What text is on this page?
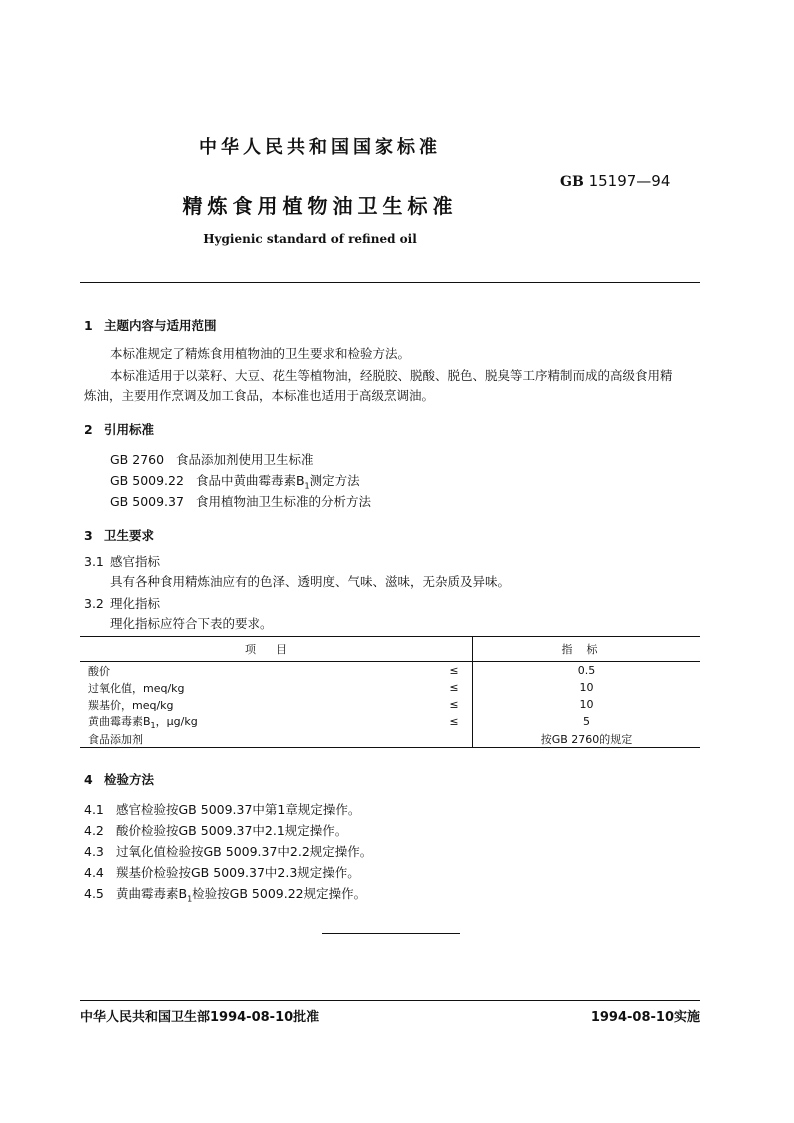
中华人民共和国国家标准
GB 15197—94
精炼食用植物油卫生标准
Hygienic standard of refined oil
1 主题内容与适用范围
本标准规定了精炼食用植物油的卫生要求和检验方法。
本标准适用于以菜籽、大豆、花生等植物油，经脱胶、脱酸、脱色、脱臭等工序精制而成的高级食用精
炼油，主要用作烹调及加工食品，本标准也适用于高级烹调油。
2 引用标准
GB 2760 食品添加剂使用卫生标准
GB 5009.22 食品中黄曲霉毒素$B_1$测定方法
GB 5009.37 食用植物油卫生标准的分析方法
3 卫生要求
3.1 感官指标
具有各种食用精炼油应有的色泽、透明度、气味、滋味，无杂质及异味。
3.2 理化指标
理化指标应符合下表的要求。
项目		指标
酸价	≤	0.5
过氧化值，meq/kg	≤	10
羰基价，meq/kg	≤	10
黄曲霉毒素$B_1$，μg/kg	≤	5
食品添加剂		按GB 2760的规定
4 检验方法
4.1 感官检验按GB 5009.37中第1章规定操作。
4.2 酸价检验按GB 5009.37中2.1规定操作。
4.3 过氧化值检验按GB 5009.37中2.2规定操作。
4.4 羰基价检验按GB 5009.37中2.3规定操作。
4.5 黄曲霉毒素$B_1$检验按GB 5009.22规定操作。
中华人民共和国卫生部1994-08-10批准	1994-08-10实施
